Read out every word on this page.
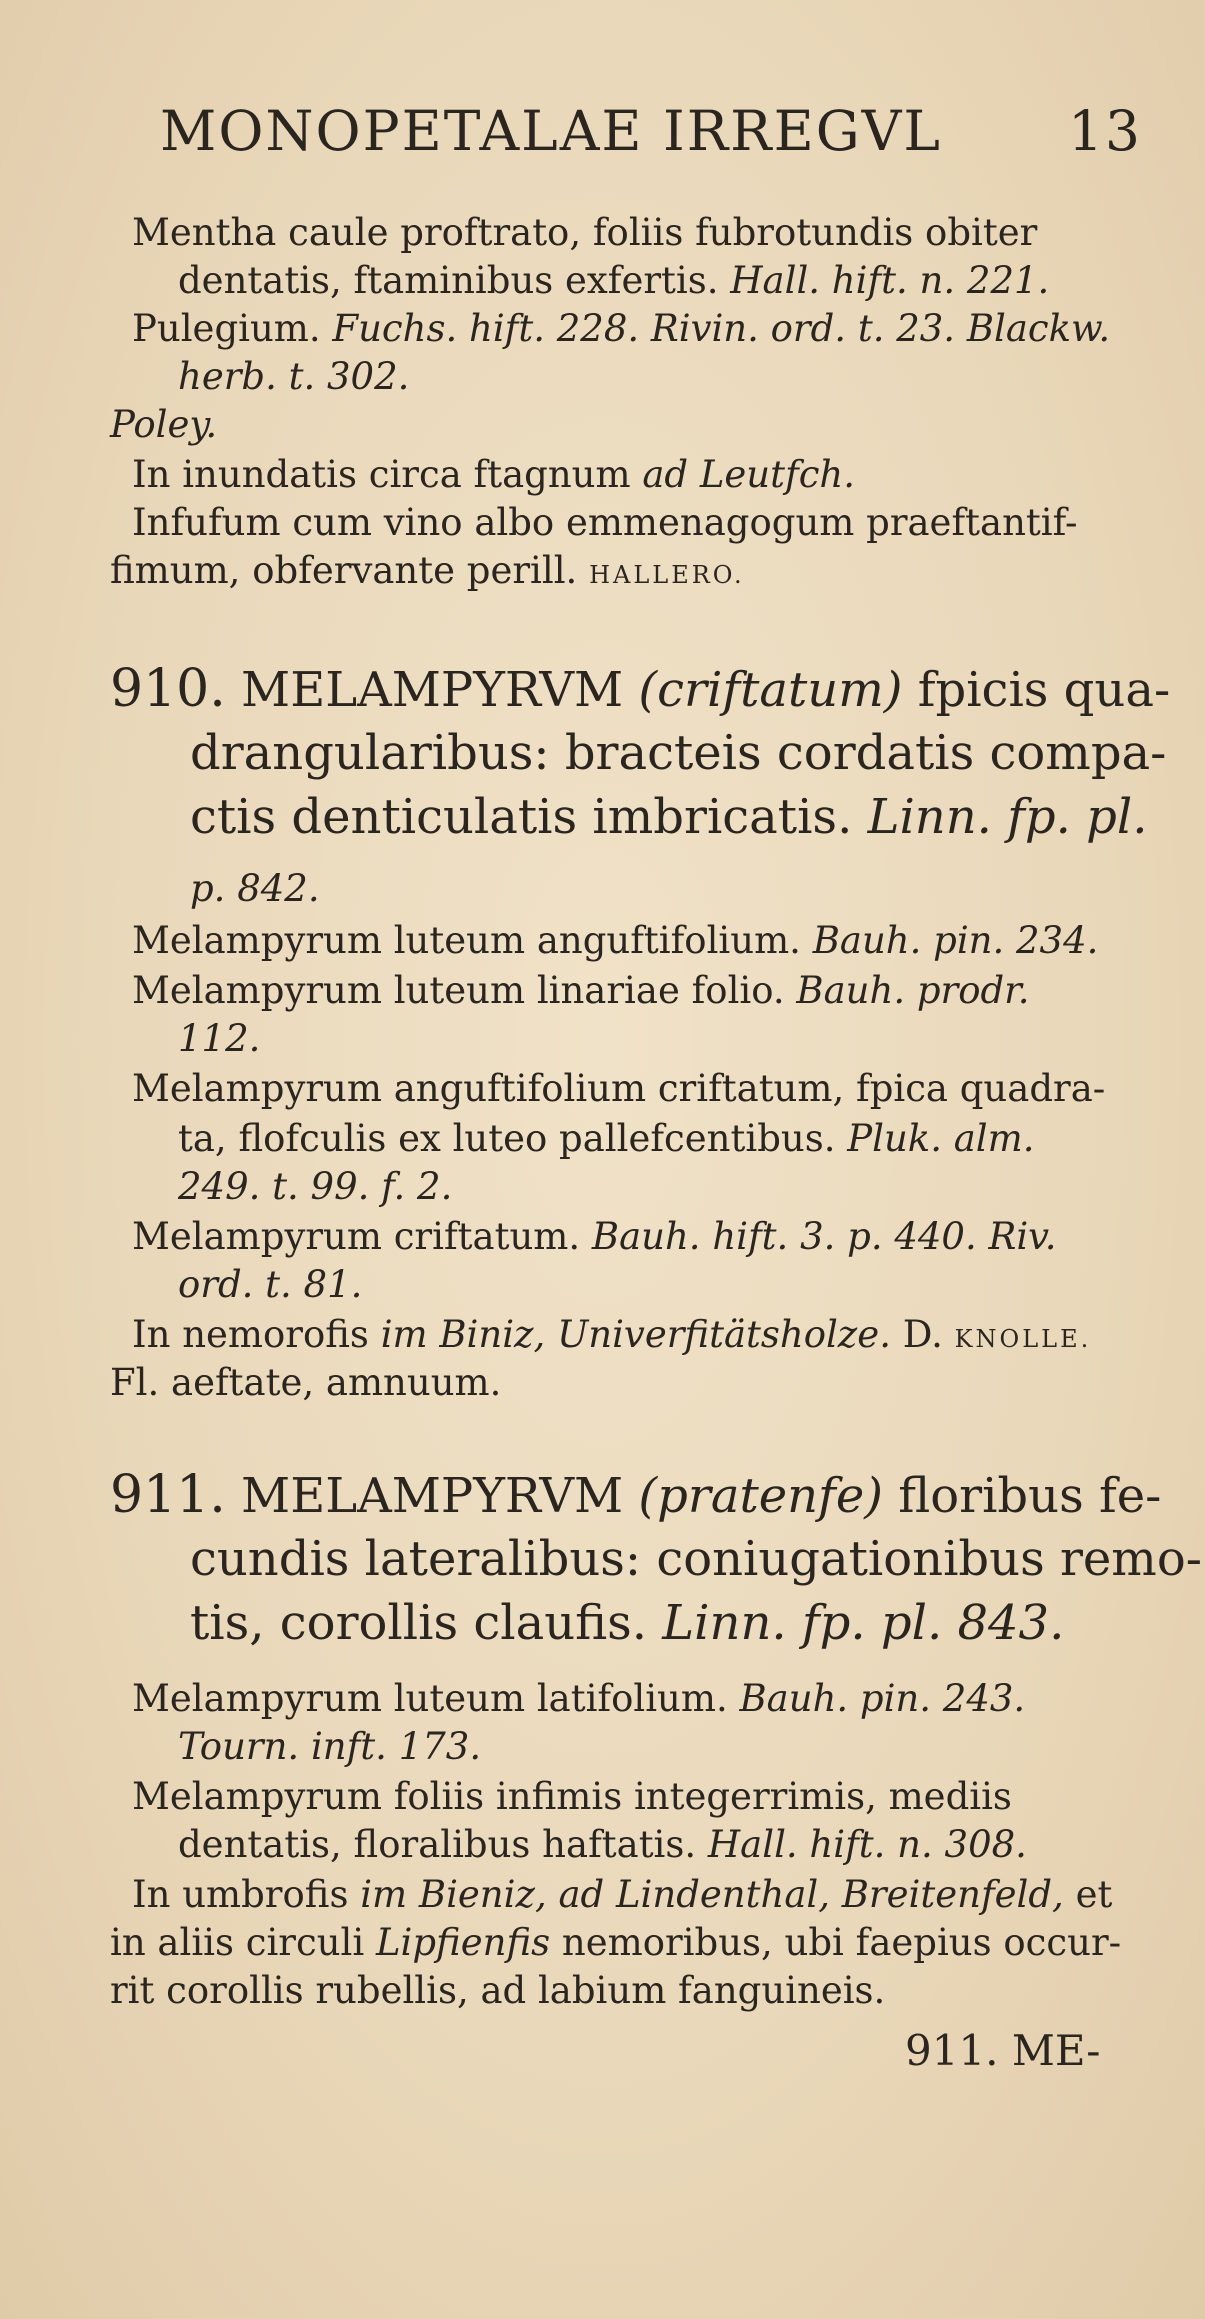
MONOPETALAE IRREGVL 13
Mentha caule proftrato, foliis fubrotundis obiter
dentatis, ftaminibus exfertis. Hall. hift. n. 221.
Pulegium. Fuchs. hift. 228. Rivin. ord. t. 23. Blackw.
herb. t. 302.
Poley.
In inundatis circa ftagnum ad Leutfch.
Infufum cum vino albo emmenagogum praeftantif-
fimum, obfervante perill. HALLERO.
910. MELAMPYRVM (criftatum) fpicis qua-
drangularibus: bracteis cordatis compa-
ctis denticulatis imbricatis. Linn. fp. pl.
p. 842.
Melampyrum luteum anguftifolium. Bauh. pin. 234.
Melampyrum luteum linariae folio. Bauh. prodr.
112.
Melampyrum anguftifolium criftatum, fpica quadra-
ta, flofculis ex luteo pallefcentibus. Pluk. alm.
249. t. 99. f. 2.
Melampyrum criftatum. Bauh. hift. 3. p. 440. Riv.
ord. t. 81.
In nemorofis im Biniz, Univerfitätsholze. D. KNOLLE.
Fl. aeftate, amnuum.
911. MELAMPYRVM (pratenfe) floribus fe-
cundis lateralibus: coniugationibus remo-
tis, corollis claufis. Linn. fp. pl. 843.
Melampyrum luteum latifolium. Bauh. pin. 243.
Tourn. inft. 173.
Melampyrum foliis infimis integerrimis, mediis
dentatis, floralibus haftatis. Hall. hift. n. 308.
In umbrofis im Bieniz, ad Lindenthal, Breitenfeld, et
in aliis circuli Lipfienfis nemoribus, ubi faepius occur-
rit corollis rubellis, ad labium fanguineis.
911. ME-
